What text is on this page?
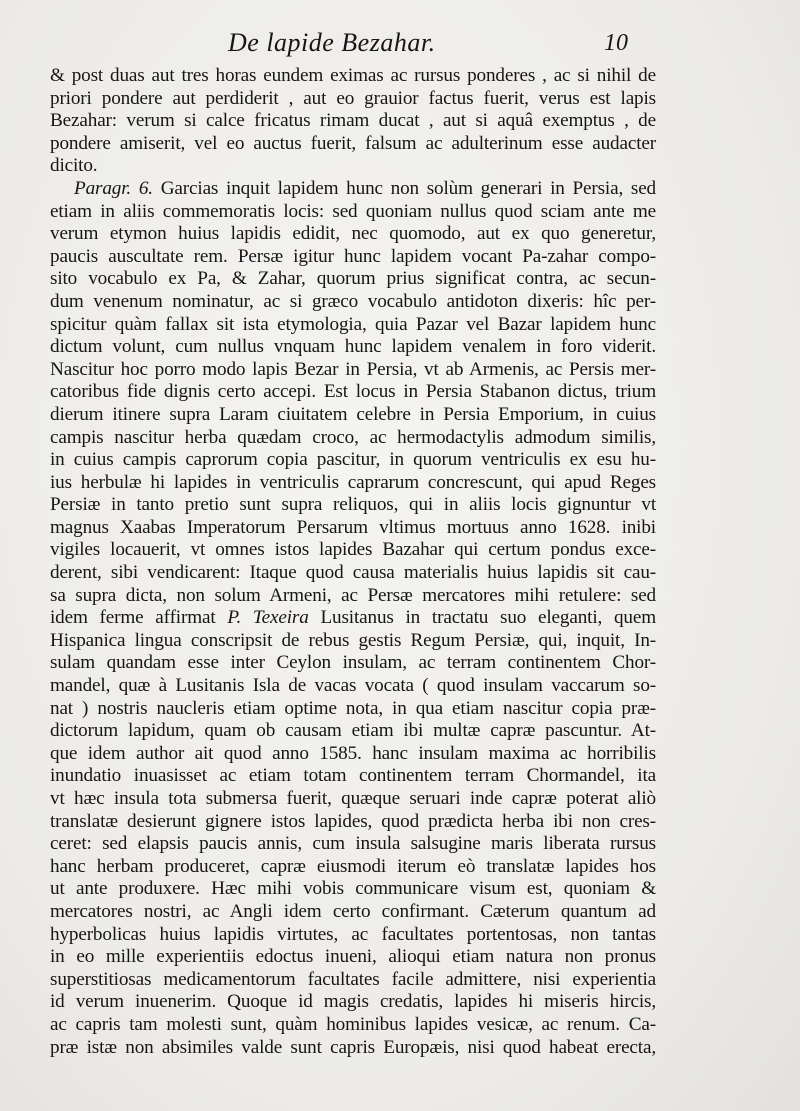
De lapide Bezahar.	10
& post duas aut tres horas eundem eximas ac rursus ponderes , ac si nihil de
priori pondere aut perdiderit , aut eo grauior factus fuerit, verus est lapis
Bezahar: verum si calce fricatus rimam ducat , aut si aquâ exemptus , de
pondere amiserit, vel eo auctus fuerit, falsum ac adulterinum esse audacter
dicito.
Paragr. 6. Garcias inquit lapidem hunc non solùm generari in Persia, sed
etiam in aliis commemoratis locis: sed quoniam nullus quod sciam ante me
verum etymon huius lapidis edidit, nec quomodo, aut ex quo generetur,
paucis auscultate rem. Persæ igitur hunc lapidem vocant Pa-zahar compo-
sito vocabulo ex Pa, & Zahar, quorum prius significat contra, ac secun-
dum venenum nominatur, ac si græco vocabulo antidoton dixeris: hîc per-
spicitur quàm fallax sit ista etymologia, quia Pazar vel Bazar lapidem hunc
dictum volunt, cum nullus vnquam hunc lapidem venalem in foro viderit.
Nascitur hoc porro modo lapis Bezar in Persia, vt ab Armenis, ac Persis mer-
catoribus fide dignis certo accepi. Est locus in Persia Stabanon dictus, trium
dierum itinere supra Laram ciuitatem celebre in Persia Emporium, in cuius
campis nascitur herba quædam croco, ac hermodactylis admodum similis,
in cuius campis caprorum copia pascitur, in quorum ventriculis ex esu hu-
ius herbulæ hi lapides in ventriculis caprarum concrescunt, qui apud Reges
Persiæ in tanto pretio sunt supra reliquos, qui in aliis locis gignuntur vt
magnus Xaabas Imperatorum Persarum vltimus mortuus anno 1628. inibi
vigiles locauerit, vt omnes istos lapides Bazahar qui certum pondus exce-
derent, sibi vendicarent: Itaque quod causa materialis huius lapidis sit cau-
sa supra dicta, non solum Armeni, ac Persæ mercatores mihi retulere: sed
idem ferme affirmat P. Texeira Lusitanus in tractatu suo eleganti, quem
Hispanica lingua conscripsit de rebus gestis Regum Persiæ, qui, inquit, In-
sulam quandam esse inter Ceylon insulam, ac terram continentem Chor-
mandel, quæ à Lusitanis Isla de vacas vocata ( quod insulam vaccarum so-
nat ) nostris naucleris etiam optime nota, in qua etiam nascitur copia præ-
dictorum lapidum, quam ob causam etiam ibi multæ capræ pascuntur. At-
que idem author ait quod anno 1585. hanc insulam maxima ac horribilis
inundatio inuasisset ac etiam totam continentem terram Chormandel, ita
vt hæc insula tota submersa fuerit, quæque seruari inde capræ poterat aliò
translatæ desierunt gignere istos lapides, quod prædicta herba ibi non cres-
ceret: sed elapsis paucis annis, cum insula salsugine maris liberata rursus
hanc herbam produceret, capræ eiusmodi iterum eò translatæ lapides hos
ut ante produxere. Hæc mihi vobis communicare visum est, quoniam &
mercatores nostri, ac Angli idem certo confirmant. Cæterum quantum ad
hyperbolicas huius lapidis virtutes, ac facultates portentosas, non tantas
in eo mille experientiis edoctus inueni, alioqui etiam natura non pronus
superstitiosas medicamentorum facultates facile admittere, nisi experientia
id verum inuenerim. Quoque id magis credatis, lapides hi miseris hircis,
ac capris tam molesti sunt, quàm hominibus lapides vesicæ, ac renum. Ca-
præ istæ non absimiles valde sunt capris Europæis, nisi quod habeat erecta,
